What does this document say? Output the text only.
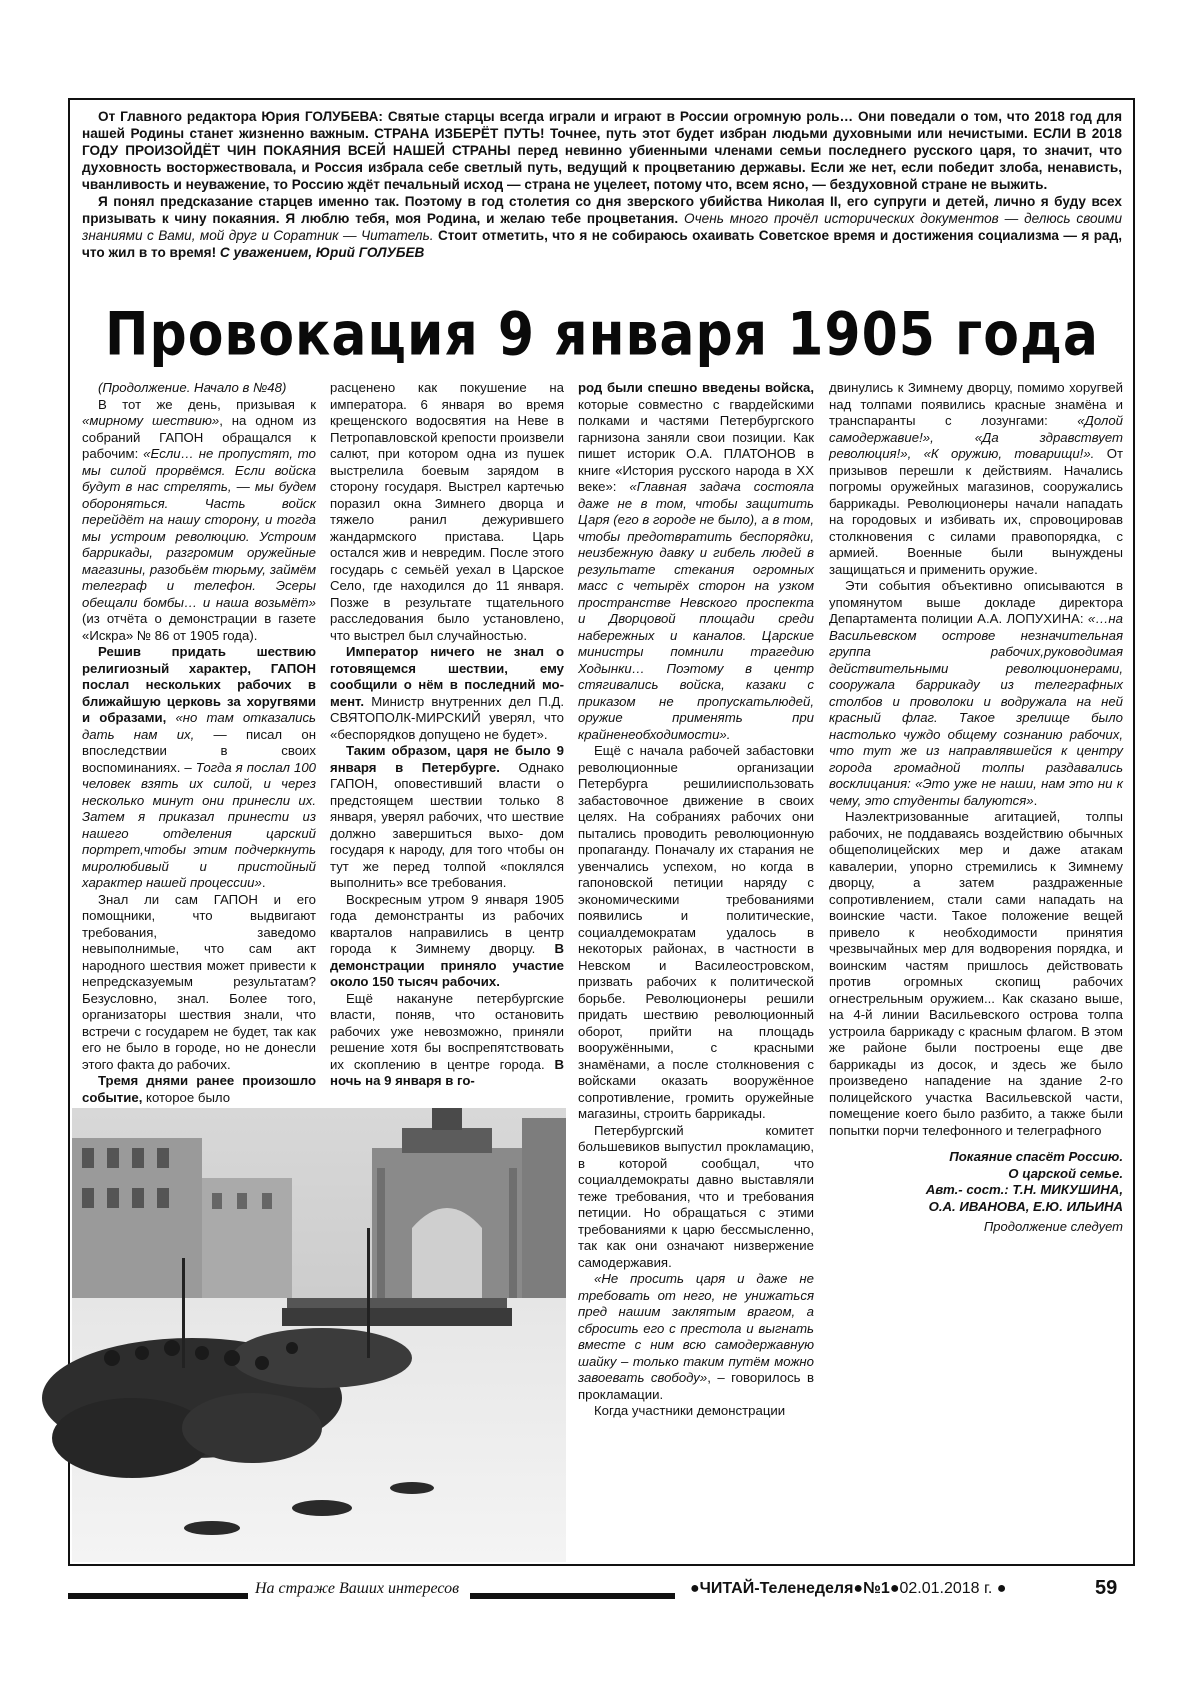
От Главного редактора Юрия ГОЛУБЕВА: Святые старцы всегда играли и играют в России огромную роль… Они поведали о том, что 2018 год для нашей Родины станет жизненно важным. СТРАНА ИЗБЕРЁТ ПУТЬ! Точнее, путь этот будет избран людьми духовными или нечистыми. ЕСЛИ В 2018 ГОДУ ПРОИЗОЙДЁТ ЧИН ПОКАЯНИЯ ВСЕЙ НАШЕЙ СТРАНЫ перед невинно убиенными членами семьи последнего русского царя, то значит, что духовность восторжествовала, и Россия избрала себе светлый путь, ведущий к процветанию державы. Если же нет, если победит злоба, ненависть, чванливость и неуважение, то Россию ждёт печальный исход — страна не уцелеет, потому что, всем ясно, — бездуховной стране не выжить.

Я понял предсказание старцев именно так. Поэтому в год столетия со дня зверского убийства Николая II, его супруги и детей, лично я буду всех призывать к чину покаяния. Я люблю тебя, моя Родина, и желаю тебе процветания. Очень много прочёл исторических документов — делюсь своими знаниями с Вами, мой друг и Соратник — Читатель. Стоит отметить, что я не собираюсь охаивать Советское время и достижения социализма — я рад, что жил в то время! С уважением, Юрий ГОЛУБЕВ

Провокация 9 января 1905 года

(Продолжение. Начало в №48)

В тот же день, призывая к «мирному шествию», на одном из собраний ГАПОН обращался к рабочим: «Если… не пропустят, то мы силой прорвёмся. Если войска будут в нас стрелять, — мы будем обороняться. Часть войск перейдёт на нашу сторону, и тогда мы устроим революцию. Устроим баррикады, разгромим оружейные магазины, разобьём тюрьму, займём телеграф и телефон. Эсеры обещали бомбы… и наша возьмёт» (из отчёта о демонстрации в газете «Искра» № 86 от 1905 года).

Решив придать шествию религиозный характер, ГАПОН послал нескольких рабочих в ближайшую церковь за хоругвями и образами, «но там отказались дать нам их, — писал он впоследствии в своих воспоминаниях. – Тогда я послал 100 человек взять их силой, и через несколько минут они принесли их. Затем я приказал принести из нашего отделения царский портрет,чтобы этим подчеркнуть миролюбивый и пристойный характер нашей процессии».

Знал ли сам ГАПОН и его помощники, что выдвигают требования, заведомо невыполнимые, что сам акт народного шествия может привести к непредсказуемым результатам? Безусловно, знал. Более того, организаторы шествия знали, что встречи с государем не будет, так как его не было в городе, но не донесли этого факта до рабочих.

Тремя днями ранее произошло событие, которое было

расценено как покушение на императора. 6 января во время крещенского водосвятия на Неве в Петропавловской крепости произвели салют, при котором одна из пушек выстрелила боевым зарядом в сторону государя. Выстрел картечью поразил окна Зимнего дворца и тяжело ранил дежурившего жандармского пристава. Царь остался жив и невредим. После этого государь с семьёй уехал в Царское Село, где находился до 11 января. Позже в результате тщательного расследования было установлено, что выстрел был случайностью.

Император ничего не знал о готовящемся шествии, ему сообщили о нём в последний мо- мент. Министр внутренних дел П.Д. СВЯТОПОЛК-МИРСКИЙ уверял, что «беспорядков допущено не будет».

Таким образом, царя не было 9 января в Петербурге. Однако ГАПОН, оповестивший власти о предстоящем шествии только 8 января, уверял рабочих, что шествие должно завершиться выхо- дом государя к народу, для того чтобы он тут же перед толпой «поклялся выполнить» все требования.

Воскресным утром 9 января 1905 года демонстранты из рабочих кварталов направились в центр города к Зимнему дворцу. В демонстрации приняло участие около 150 тысяч рабочих.

Ещё накануне петербургские власти, поняв, что остановить рабочих уже невозможно, приняли решение хотя бы воспрепятствовать их скоплению в центре города. В ночь на 9 января в го-

род были спешно введены войска, которые совместно с гвардейскими полками и частями Петербургского гарнизона заняли свои позиции. Как пишет историк О.А. ПЛАТОНОВ в книге «История русского народа в ХХ веке»: «Главная задача состояла даже не в том, чтобы защитить Царя (его в городе не было), а в том, чтобы предотвратить беспорядки, неизбежную давку и гибель людей в результате стекания огромных масс с четырёх сторон на узком пространстве Невского проспекта и Дворцовой площади среди набережных и каналов. Царские министры помнили трагедию Ходынки… Поэтому в центр стягивались войска, казаки с приказом не пропускатьлюдей, оружие применять при крайненеобходимости».

Ещё с начала рабочей забастовки революционные организации Петербурга решилииспользовать забастовочное движение в своих целях. На собраниях рабочих они пытались проводить революционную пропаганду. Поначалу их старания не увенчались успехом, но когда в гапоновской петиции наряду с экономическими требованиями появились и политические, социалдемократам удалось в некоторых районах, в частности в Невском и Василеостровском, призвать рабочих к политической борьбе. Революционеры решили придать шествию революционный оборот, прийти на площадь вооружёнными, с красными знамёнами, а после столкновения с войсками оказать вооружённое сопротивление, громить оружейные магазины, строить баррикады.

Петербургский комитет большевиков выпустил прокламацию, в которой сообщал, что социалдемократы давно выставляли теже требования, что и требования петиции. Но обращаться с этими требованиями к царю бессмысленно, так как они означают низвержение самодержавия.

«Не просить царя и даже не требовать от него, не унижаться пред нашим заклятым врагом, а сбросить его с престола и выгнать вместе с ним всю самодержавную шайку – только таким путём можно завоевать свободу», – говорилось в прокламации.

Когда участники демонстрации

двинулись к Зимнему дворцу, помимо хоругвей над толпами появились красные знамёна и транспаранты с лозунгами: «Долой самодержавие!», «Да здравствует революция!», «К оружию, товарищи!». От призывов перешли к действиям. Начались погромы оружейных магазинов, сооружались баррикады. Революционеры начали нападать на городовых и избивать их, спровоцировав столкновения с силами правопорядка, с армией. Военные были вынуждены защищаться и применить оружие.

Эти события объективно описываются в упомянутом выше докладе директора Департамента полиции А.А. ЛОПУХИНА: «…на Васильевском острове незначительная группа рабочих,руководимая действительными революционерами, сооружала баррикаду из телеграфных столбов и проволоки и водружала на ней красный флаг. Такое зрелище было настолько чуждо общему сознанию рабочих, что тут же из направлявшейся к центру города громадной толпы раздавались восклицания: «Это уже не наши, нам это ни к чему, это студенты балуются».

Наэлектризованные агитацией, толпы рабочих, не поддаваясь воздействию обычных общеполицейских мер и даже атакам кавалерии, упорно стремились к Зимнему дворцу, а затем раздраженные сопротивлением, стали сами нападать на воинские части. Такое положение вещей привело к необходимости принятия чрезвычайных мер для водворения порядка, и воинским частям пришлось действовать против огромных скопищ рабочих огнестрельным оружием... Как сказано выше, на 4-й линии Васильевского острова толпа устроила баррикаду с красным флагом. В этом же районе были построены еще две баррикады из досок, и здесь же было произведено нападение на здание 2-го полицейского участка Васильевской части, помещение коего было разбито, а также были попытки порчи телефонного и телеграфного

Покаяние спасёт Россию.
О царской семье.
Авт.- сост.: Т.Н. МИКУШИНА,
О.А. ИВАНОВА, Е.Ю. ИЛЬИНА
Продолжение следует
На страже Ваших интересов	●ЧИТАЙ-Теленеделя●№1●02.01.2018 г. ●	59
